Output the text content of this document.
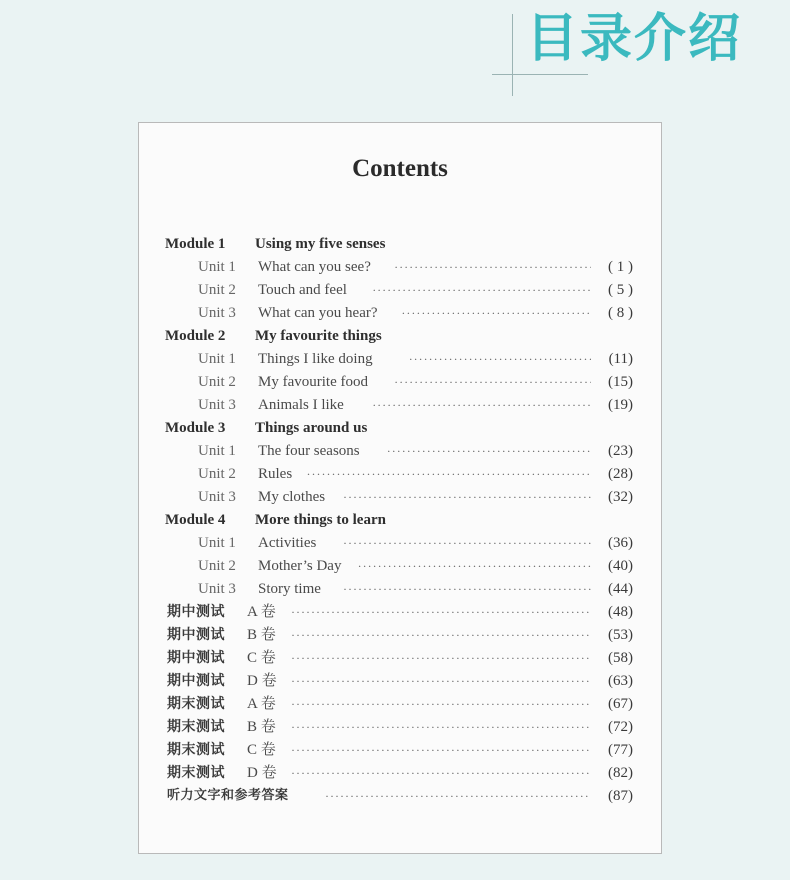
目录介绍
Contents
Module 1 Using my five senses
Unit 1 What can you see? ·····	( 1 )
Unit 2 Touch and feel ·····	( 5 )
Unit 3 What can you hear? ·····	( 8 )
Module 2 My favourite things
Unit 1 Things I like doing ·····	(11)
Unit 2 My favourite food ·····	(15)
Unit 3 Animals I like ·····	(19)
Module 3 Things around us
Unit 1 The four seasons ·····	(23)
Unit 2 Rules ·····	(28)
Unit 3 My clothes ·····	(32)
Module 4 More things to learn
Unit 1 Activities ·····	(36)
Unit 2 Mother’s Day ·····	(40)
Unit 3 Story time ·····	(44)
期中测试 A 卷 ·····	(48)
期中测试 B 卷 ·····	(53)
期中测试 C 卷 ·····	(58)
期中测试 D 卷 ·····	(63)
期末测试 A 卷 ·····	(67)
期末测试 B 卷 ·····	(72)
期末测试 C 卷 ·····	(77)
期末测试 D 卷 ·····	(82)
听力文字和参考答案 ·····	(87)
